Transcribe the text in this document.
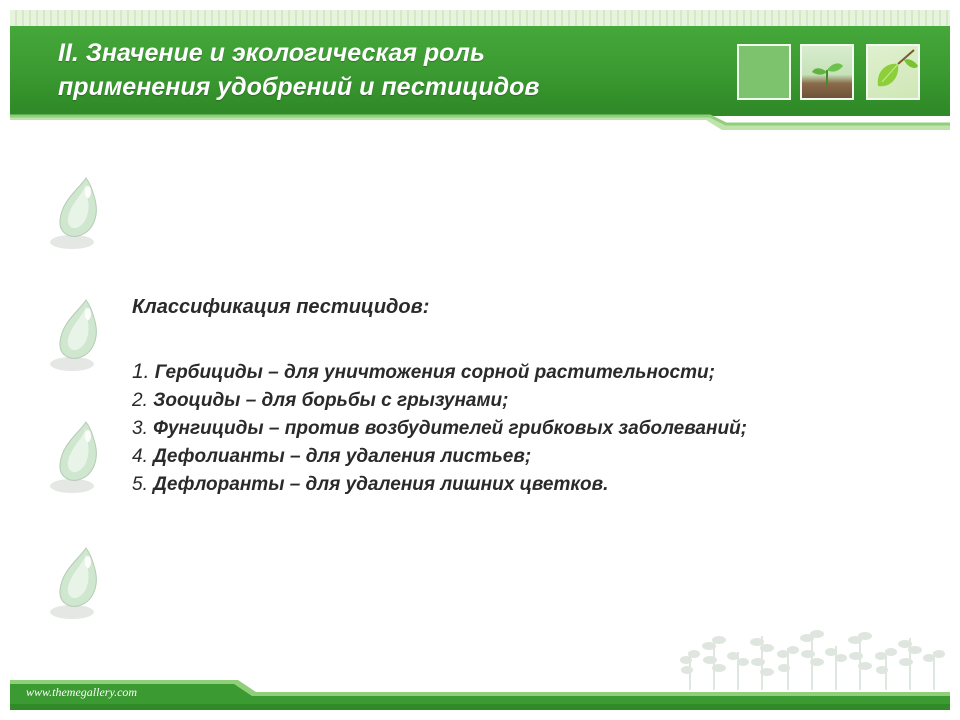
II. Значение и экологическая роль
применения удобрений и пестицидов

Классификация пестицидов:

1. Гербициды – для уничтожения сорной растительности;
2. Зооциды – для борьбы с грызунами;
3. Фунгициды – против возбудителей грибковых заболеваний;
4. Дефолианты – для удаления листьев;
5. Дефлоранты – для удаления лишних цветков.

www.themegallery.com
